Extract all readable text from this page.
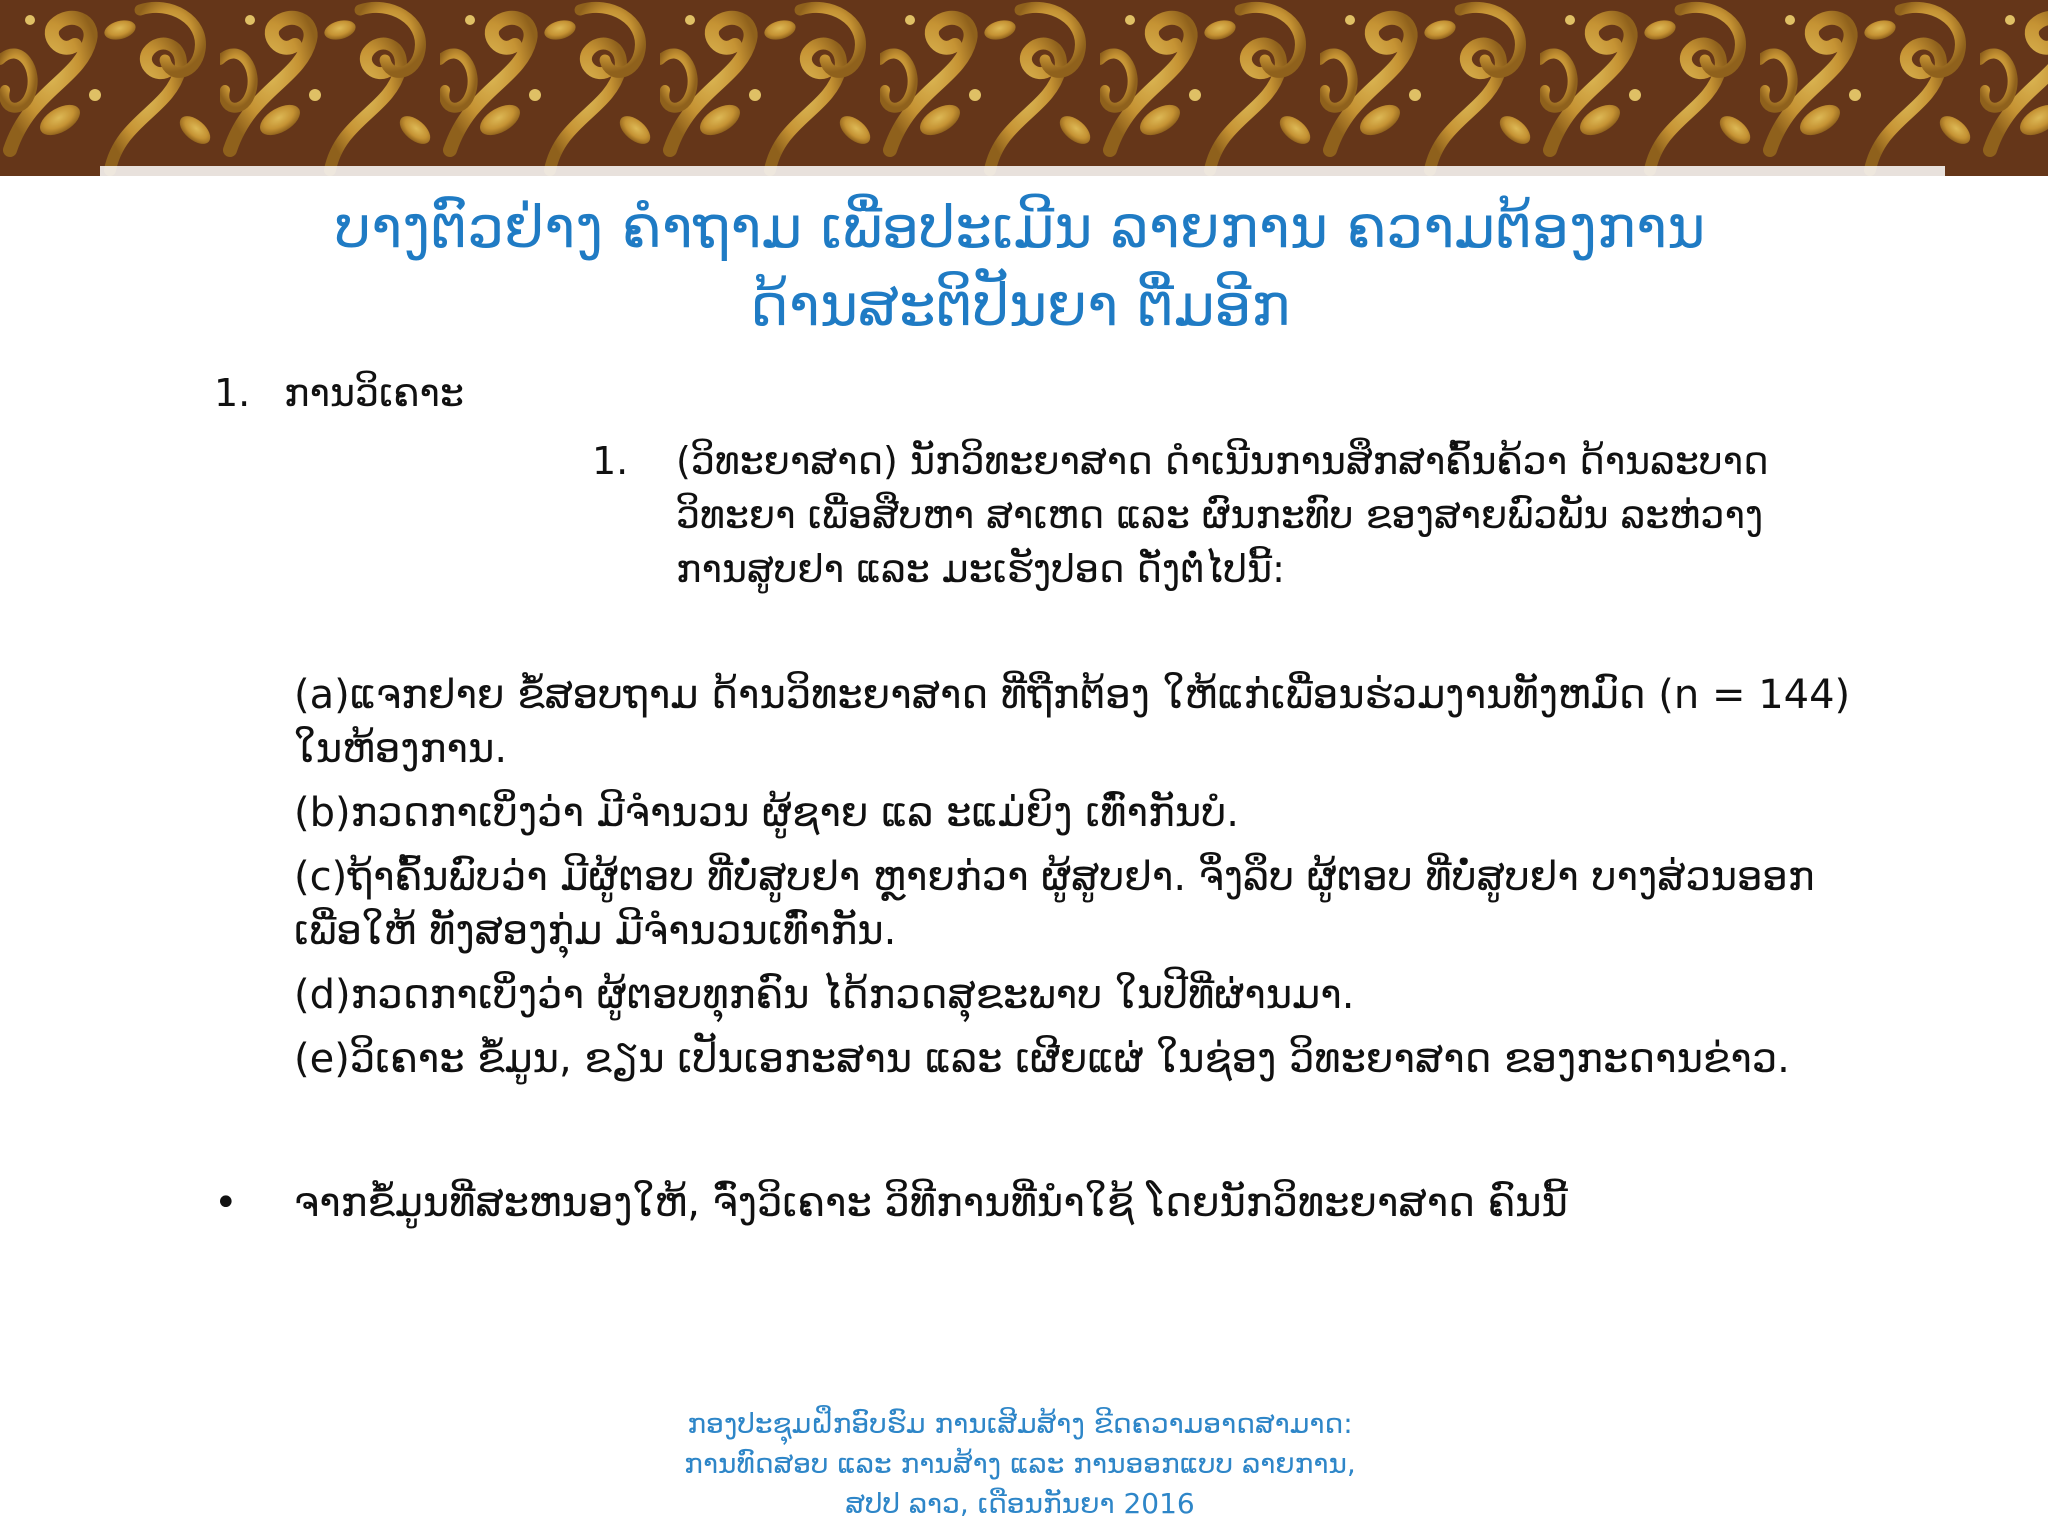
ບາງຕົວຢ່າງ ຄໍາຖາມ ເພື່ອປະເມີນ ລາຍການ ຄວາມຕ້ອງການ
ດ້ານສະຕິປັນຍາ ຕື່ມອີກ
1. ການວິເຄາະ
1. (ວິທະຍາສາດ) ນັກວິທະຍາສາດ ດໍາເນີນການສຶກສາຄົ້ນຄ້ວາ ດ້ານລະບາດ
ວິທະຍາ ເພື່ອສືບຫາ ສາເຫດ ແລະ ຜົນກະທົບ ຂອງສາຍພົວພັນ ລະຫ່ວາງ
ການສູບຢາ ແລະ ມະເຮັງປອດ ດັ່ງຕໍ່ໄປນີ້:
(a)ແຈກຢາຍ ຂໍ້ສອບຖາມ ດ້ານວິທະຍາສາດ ທີ່ຖືກຕ້ອງ ໃຫ້ແກ່ເພື່ອນຮ່ວມງານທັງຫມົດ (n = 144)
ໃນຫ້ອງການ.
(b)ກວດກາເບິ່ງວ່າ ມີຈໍານວນ ຜູ້ຊາຍ ແລ ະແມ່ຍິງ ເທົ່າກັນບໍ.
(c)ຖ້າຄົ້ນພົບວ່າ ມີຜູ້ຕອບ ທີ່ບໍ່ສູບຢາ ຫຼາຍກ່ວາ ຜູ້ສູບຢາ. ຈຶ່ງລຶບ ຜູ້ຕອບ ທີ່ບໍ່ສູບຢາ ບາງສ່ວນອອກ
ເພື່ອໃຫ້ ທັງສອງກຸ່ມ ມີຈໍານວນເທົ່າກັນ.
(d)ກວດກາເບິ່ງວ່າ ຜູ້ຕອບທຸກຄົນ ໄດ້ກວດສຸຂະພາບ ໃນປີທີ່ຜ່ານມາ.
(e)ວິເຄາະ ຂໍ້ມູນ, ຂຽນ ເປັນເອກະສານ ແລະ ເຜີຍແຜ່ ໃນຊ່ອງ ວິທະຍາສາດ ຂອງກະດານຂ່າວ.
• ຈາກຂໍ້ມູນທີ່ສະຫນອງໃຫ້, ຈົ່ງວິເຄາະ ວິທີການທີ່ນໍາໃຊ້ ໂດຍນັກວິທະຍາສາດ ຄົນນີ້
ກອງປະຊຸມຝຶກອົບຮົມ ການເສີມສ້າງ ຂີດຄວາມອາດສາມາດ:
ການທົດສອບ ແລະ ການສ້າງ ແລະ ການອອກແບບ ລາຍການ,
ສປປ ລາວ, ເດືອນກັນຍາ 2016
